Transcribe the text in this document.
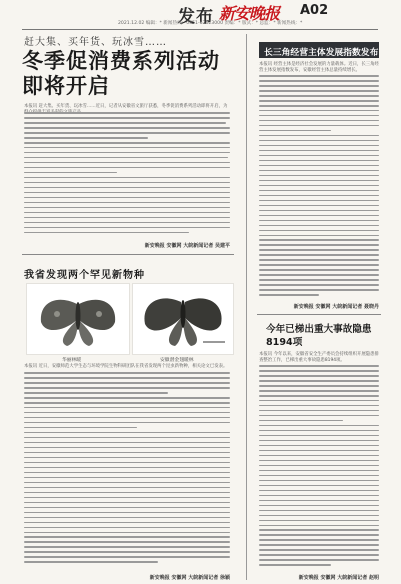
发布 新安晚报 A02
2021.12.02 编辑：* 新闻热线：0551-62623000 责编：* 版式：* 总监：* 新闻热线：*
赶大集、买年货、玩冰雪……
冬季促消费系列活动即将开启
本报讯 赶大集、买年货、玩冰雪……近日，记者从安徽省文旅厅获悉，冬季促消费系列活动即将开启，为
新安晚报 安徽网 大皖新闻记者 吴建平
我省发现两个罕见新物种
华丽林暖	安徽潜金翅暖林
本报讯 近日，安徽师范大学生态与环境学院生物科研团队在我省发现两个昆虫新物种，相关论文已发表。
新安晚报 安徽网 大皖新闻记者 徐颖
长三角经营主体发展指数发布
本报讯 经营主体是经济社会发展的力量载体。近日，长三角经营主体发展指数发布，安徽经营主体总量持续增长。
新安晚报 安徽网 大皖新闻记者 聂晓丹
今年已梯出重大事故隐患8194项
本报讯 今年以来，安徽省安全生产委员会持续组织开展隐患排查整治工作，已梯出重大事故隐患8194项。
新安晚报 安徽网 大皖新闻记者 赵明
